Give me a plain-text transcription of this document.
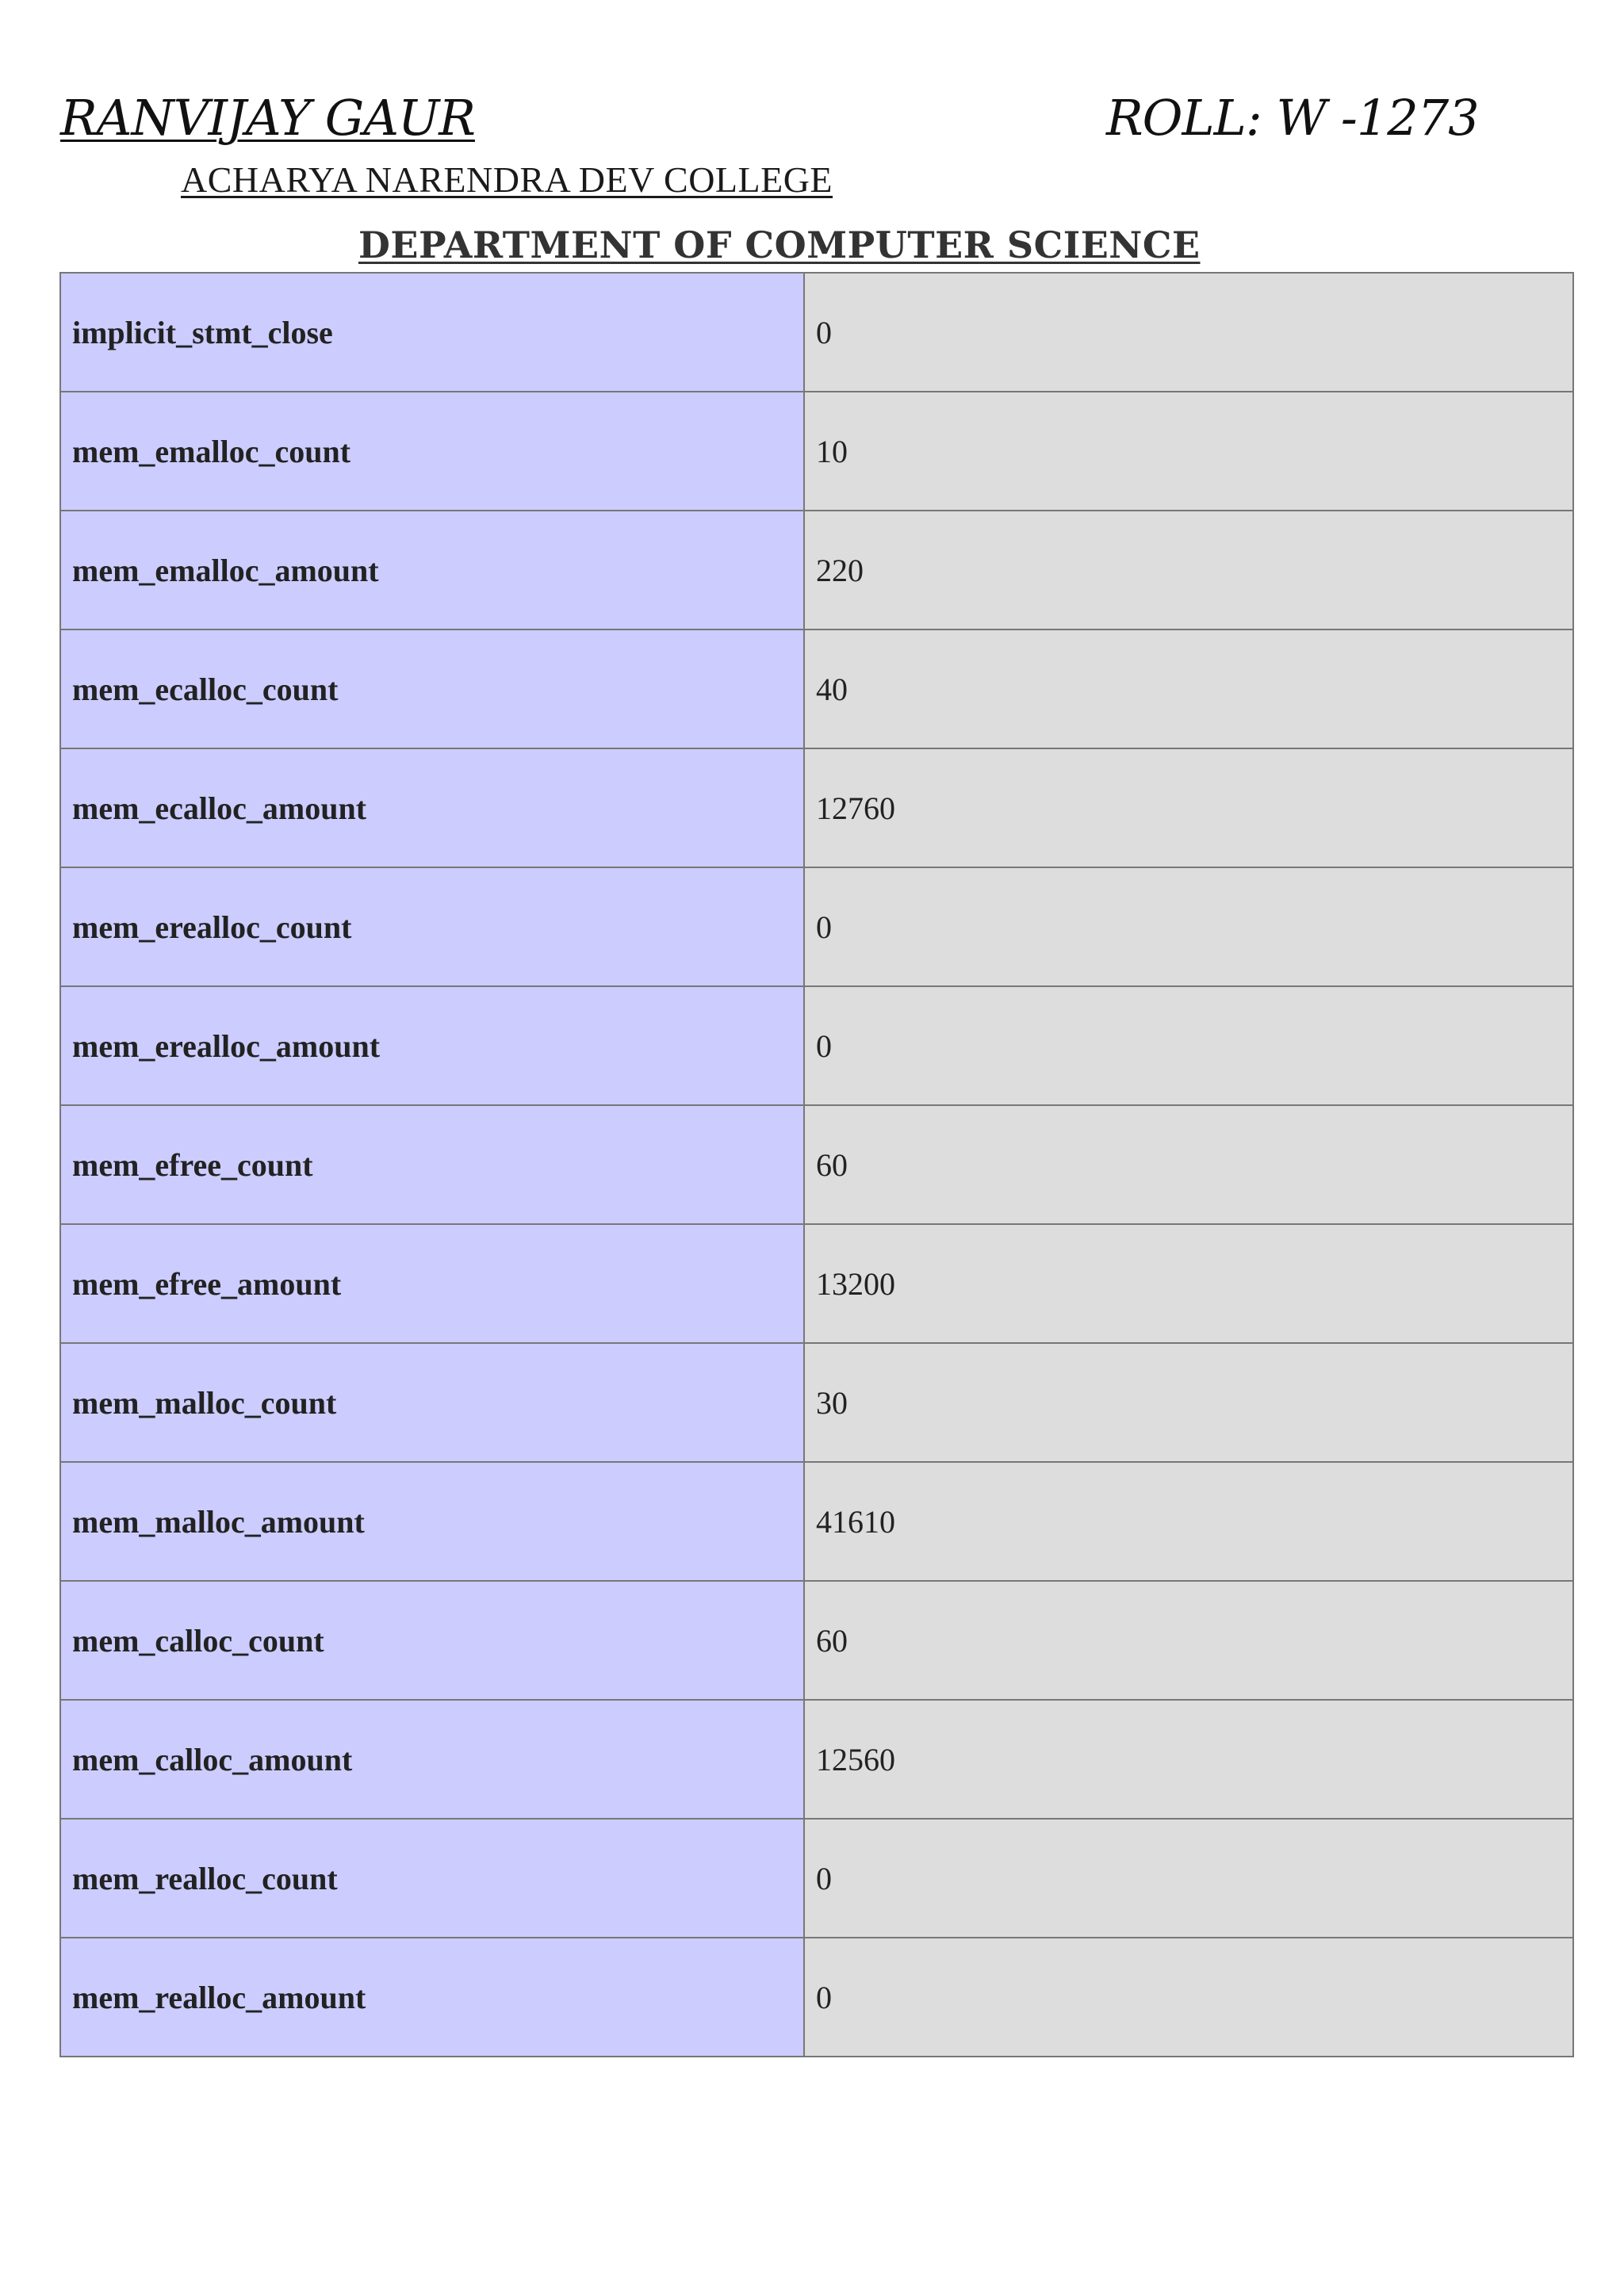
RANVIJAY GAUR	ROLL: W -1273
ACHARYA NARENDRA DEV COLLEGE
DEPARTMENT OF COMPUTER SCIENCE
implicit_stmt_close	0
mem_emalloc_count	10
mem_emalloc_amount	220
mem_ecalloc_count	40
mem_ecalloc_amount	12760
mem_erealloc_count	0
mem_erealloc_amount	0
mem_efree_count	60
mem_efree_amount	13200
mem_malloc_count	30
mem_malloc_amount	41610
mem_calloc_count	60
mem_calloc_amount	12560
mem_realloc_count	0
mem_realloc_amount	0
